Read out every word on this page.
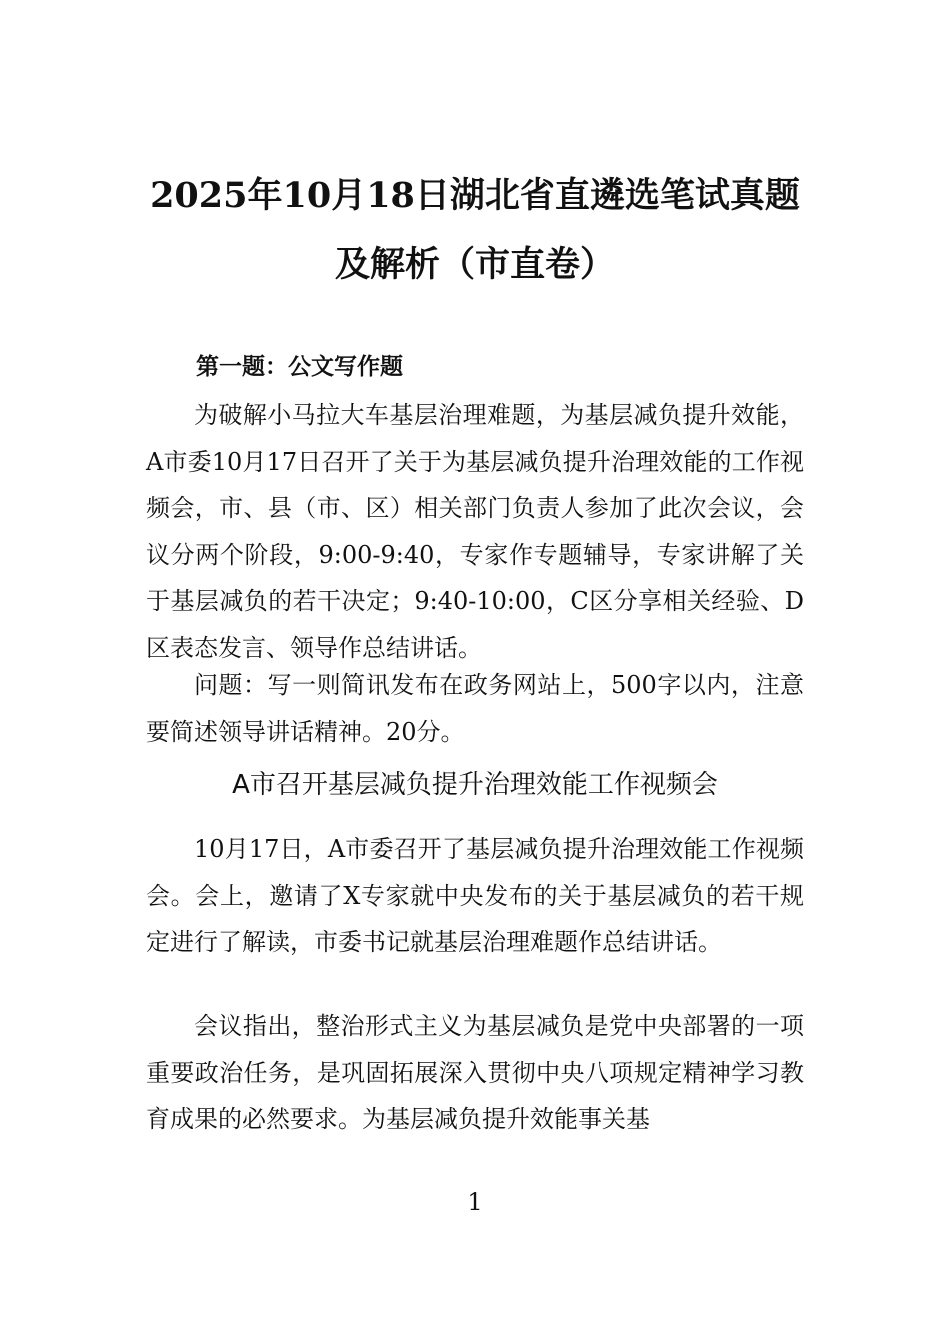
2025年10月18日湖北省直遴选笔试真题
及解析（市直卷）
第一题：公文写作题

为破解小马拉大车基层治理难题，为基层减负提升效能，A市委10月17日召开了关于为基层减负提升治理效能的工作视频会，市、县（市、区）相关部门负责人参加了此次会议，会议分两个阶段，9:00-9:40，专家作专题辅导，专家讲解了关于基层减负的若干决定；9:40-10:00，C区分享相关经验、D区表态发言、领导作总结讲话。

问题：写一则简讯发布在政务网站上，500字以内，注意要简述领导讲话精神。20分。

A市召开基层减负提升治理效能工作视频会

10月17日，A市委召开了基层减负提升治理效能工作视频会。会上，邀请了X专家就中央发布的关于基层减负的若干规定进行了解读，市委书记就基层治理难题作总结讲话。

会议指出，整治形式主义为基层减负是党中央部署的一项重要政治任务，是巩固拓展深入贯彻中央八项规定精神学习教育成果的必然要求。为基层减负提升效能事关基

1
